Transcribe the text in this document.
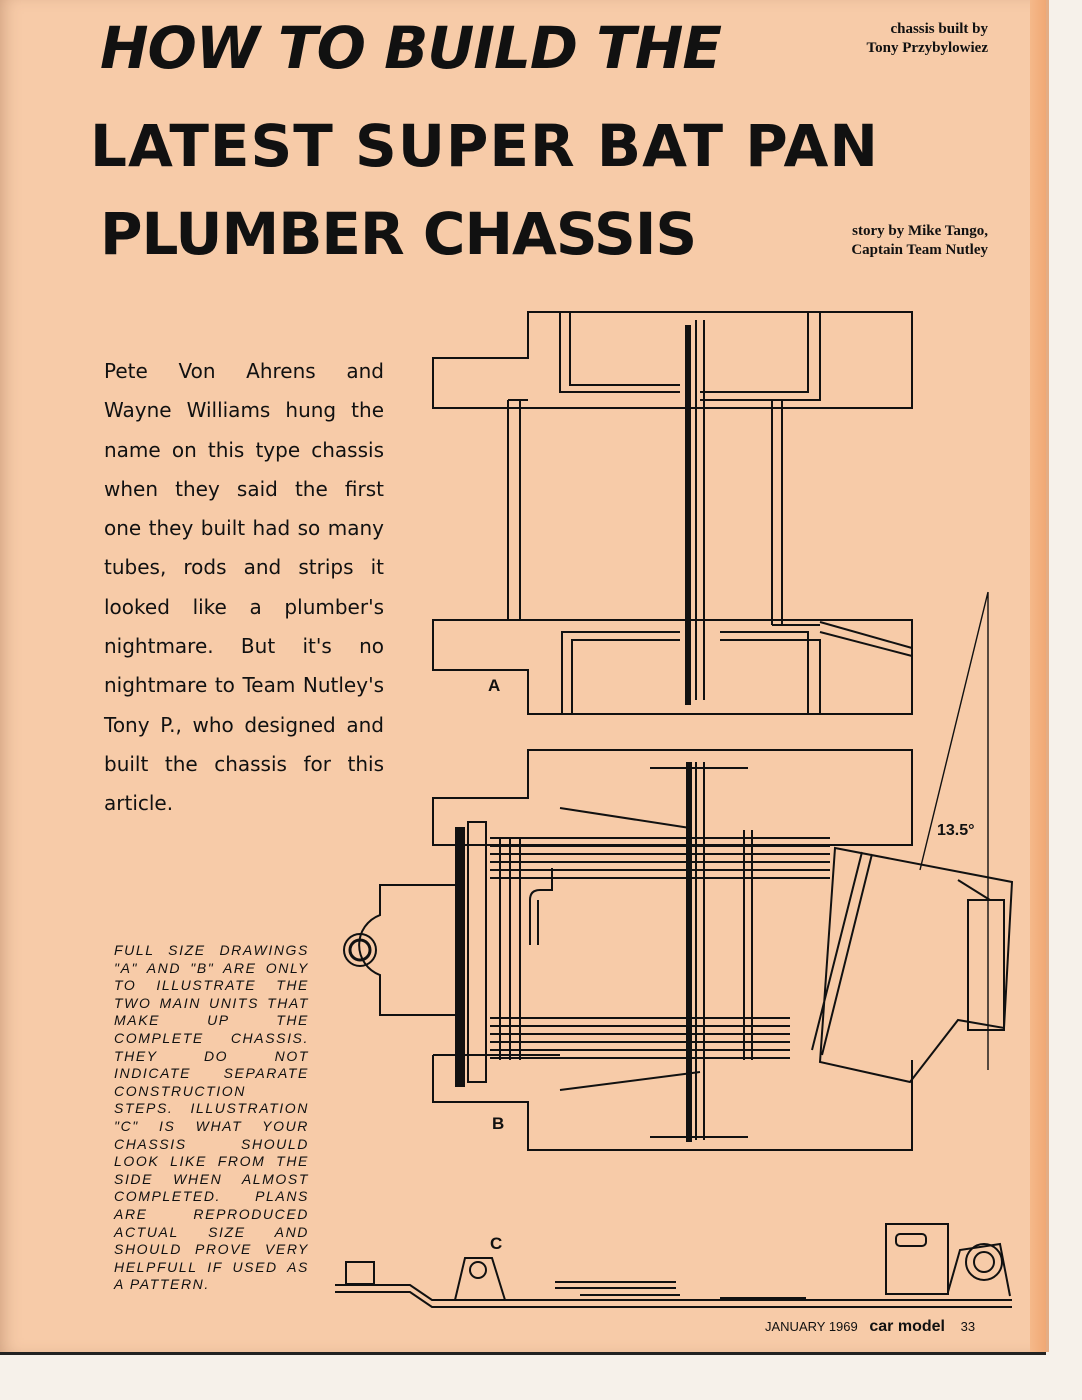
HOW TO BUILD THE
LATEST SUPER BAT PAN
PLUMBER CHASSIS
chassis built by
Tony Przybylowiez
story by Mike Tango,
Captain Team Nutley

Pete Von Ahrens and Wayne Williams hung the name on this type chassis when they said the first one they built had so many tubes, rods and strips it looked like a plumber's nightmare. But it's no nightmare to Team Nutley's Tony P., who designed and built the chassis for this article.

FULL SIZE DRAWINGS "A" AND "B" ARE ONLY TO ILLUSTRATE THE TWO MAIN UNITS THAT MAKE UP THE COMPLETE CHASSIS. THEY DO NOT INDICATE SEPARATE CONSTRUCTION STEPS. ILLUSTRATION "C" IS WHAT YOUR CHASSIS SHOULD LOOK LIKE FROM THE SIDE WHEN ALMOST COMPLETED. PLANS ARE REPRODUCED ACTUAL SIZE AND SHOULD PROVE VERY HELPFULL IF USED AS A PATTERN.

A
B
C
13.5°
JANUARY 1969 car model 33
